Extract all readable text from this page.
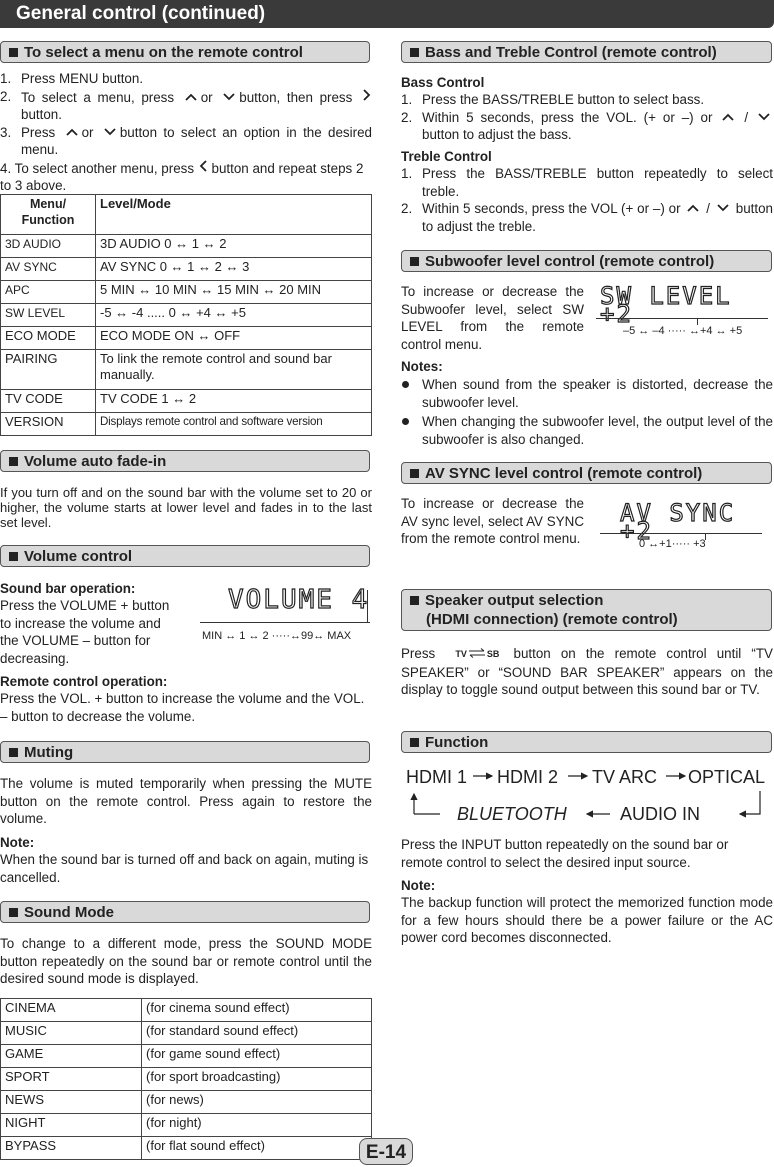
General control (continued)
To select a menu on the remote control
1. Press MENU button.
2. To select a menu, press or button, then press  button.
3. Press or button to select an option in the desired menu.
4. To select another menu, press button and repeat steps 2 to 3 above.
Menu/ Function	Level/Mode
3D AUDIO	3D AUDIO 0 ↔ 1 ↔ 2
AV SYNC	AV SYNC 0 ↔ 1 ↔ 2 ↔ 3
APC	5 MIN ↔ 10 MIN ↔ 15 MIN ↔ 20 MIN
SW LEVEL	-5 ↔ -4 ..... 0 ↔ +4 ↔ +5
ECO MODE	ECO MODE ON ↔ OFF
PAIRING	To link the remote control and sound bar manually.
TV CODE	TV CODE 1 ↔ 2
VERSION	Displays remote control and software version
Volume auto fade-in
If you turn off and on the sound bar with the volume set to 20 or higher, the volume starts at lower level and fades in to the last set level.
Volume control
Sound bar operation:
Press the VOLUME + button to increase the volume and the VOLUME – button for decreasing.
VOLUME 4
MIN ↔ 1 ↔ 2 ·····↔99↔ MAX
Remote control operation:
Press the VOL. + button to increase the volume and the VOL. – button to decrease the volume.
Muting
The volume is muted temporarily when pressing the MUTE button on the remote control. Press again to restore the volume.
Note:
When the sound bar is turned off and back on again, muting is cancelled.
Sound Mode
To change to a different mode, press the SOUND MODE button repeatedly on the sound bar or remote control until the desired sound mode is displayed.
CINEMA	(for cinema sound effect)
MUSIC	(for standard sound effect)
GAME	(for game sound effect)
SPORT	(for sport broadcasting)
NEWS	(for news)
NIGHT	(for night)
BYPASS	(for flat sound effect)
Bass and Treble Control (remote control)
Bass Control
1. Press the BASS/TREBLE button to select bass.
2. Within 5 seconds, press the VOL. (+ or –) or  /  button to adjust the bass.
Treble Control
1. Press the BASS/TREBLE button repeatedly to select treble.
2. Within 5 seconds, press the VOL (+ or –) or  /  button to adjust the treble.
Subwoofer level control (remote control)
To increase or decrease the Subwoofer level, select SW LEVEL from the remote control menu.
SW LEVEL +2
–5 ↔ –4 ····· ↔+4 ↔ +5
Notes:
When sound from the speaker is distorted, decrease the subwoofer level.
When changing the subwoofer level, the output level of the subwoofer is also changed.
AV SYNC level control (remote control)
To increase or decrease the AV sync level, select AV SYNC from the remote control menu.
AV SYNC +2
0 ↔+1····· +3
Speaker output selection
(HDMI connection) (remote control)
Press TV SB button on the remote control until “TV SPEAKER” or “SOUND BAR SPEAKER” appears on the display to toggle sound output between this sound bar or TV.
Function
HDMI 1 HDMI 2 TV ARC OPTICAL
AUDIO IN
BLUETOOTH
Press the INPUT button repeatedly on the sound bar or remote control to select the desired input source.
Note:
The backup function will protect the memorized function mode for a few hours should there be a power failure or the AC power cord becomes disconnected.
E-14
